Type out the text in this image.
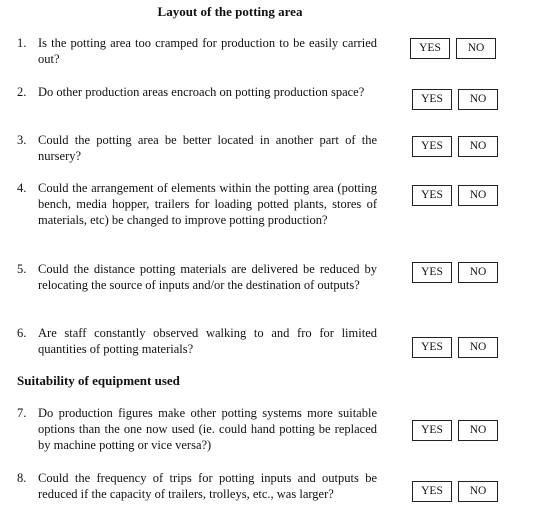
Layout of the potting area
1. Is the potting area too cramped for production to be easily carried out?
YES	NO
2. Do other production areas encroach on potting production space?	YES	NO
3. Could the potting area be better located in another part of the nursery?
YES	NO
4. Could the arrangement of elements within the potting area (potting bench, media hopper, trailers for loading potted plants, stores of materials, etc) be changed to improve potting production?
YES	NO
5. Could the distance potting materials are delivered be reduced by relocating the source of inputs and/or the destination of outputs?
YES	NO
6. Are staff constantly observed walking to and fro for limited quantities of potting materials?	YES	NO
Suitability of equipment used
7. Do production figures make other potting systems more suitable options than the one now used (ie. could hand potting be replaced by machine potting or vice versa?)
YES	NO
8. Could the frequency of trips for potting inputs and outputs be reduced if the capacity of trailers, trolleys, etc., was larger?	YES	NO
